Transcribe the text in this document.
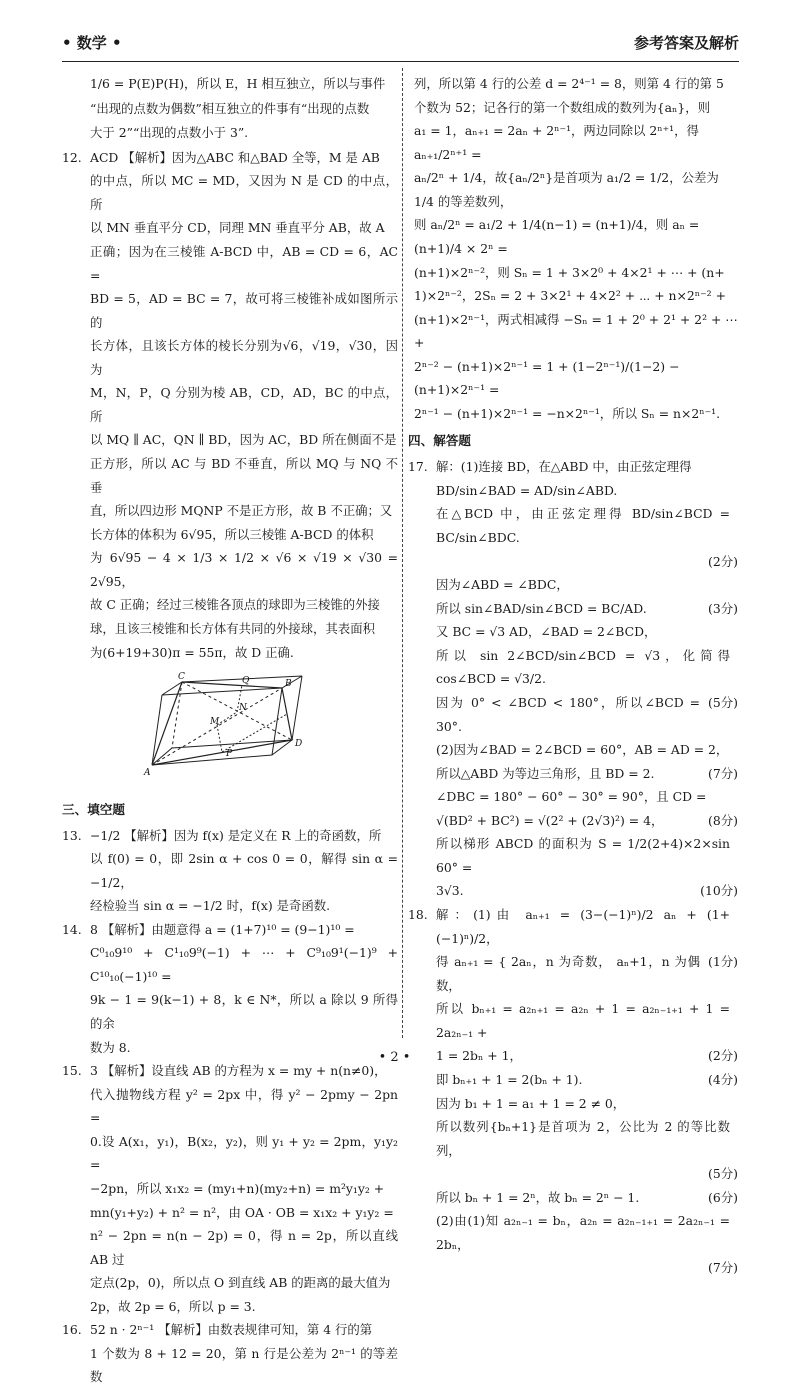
• 数学 •	参考答案及解析
1/6 = P(E)P(H)，所以 E，H 相互独立，所以与事件
“出现的点数为偶数”相互独立的件事有“出现的点数
大于 2”“出现的点数小于 3”.
12. ACD 【解析】因为△ABC 和△BAD 全等，M 是 AB
的中点，所以 MC = MD，又因为 N 是 CD 的中点，所
以 MN 垂直平分 CD，同理 MN 垂直平分 AB，故 A
正确；因为在三棱锥 A-BCD 中，AB = CD = 6，AC =
BD = 5，AD = BC = 7，故可将三棱锥补成如图所示的
长方体，且该长方体的棱长分别为√6，√19，√30，因为
M，N，P，Q 分别为棱 AB，CD，AD，BC 的中点，所
以 MQ ∥ AC，QN ∥ BD，因为 AC，BD 所在侧面不是
正方形，所以 AC 与 BD 不垂直，所以 MQ 与 NQ 不垂
直，所以四边形 MQNP 不是正方形，故 B 不正确；又
长方体的体积为 6√95，所以三棱锥 A-BCD 的体积
为 6√95 − 4 × 1/3 × 1/2 × √6 × √19 × √30 = 2√95，
故 C 正确；经过三棱锥各顶点的球即为三棱锥的外接
球，且该三棱锥和长方体有共同的外接球，其表面积
为(6+19+30)π = 55π，故 D 正确.
C	Q	B
N
M
P
D
A
三、填空题
13. −1/2 【解析】因为 f(x) 是定义在 R 上的奇函数，所
以 f(0) = 0，即 2sin α + cos 0 = 0，解得 sin α = −1/2，
经检验当 sin α = −1/2 时，f(x) 是奇函数.
14. 8 【解析】由题意得 a = (1+7)¹⁰ = (9−1)¹⁰ =
C⁰₁₀9¹⁰ + C¹₁₀9⁹(−1) + ⋯ + C⁹₁₀9¹(−1)⁹ + C¹⁰₁₀(−1)¹⁰ =
9k − 1 = 9(k−1) + 8，k ∈ N*，所以 a 除以 9 所得的余
数为 8.
15. 3 【解析】设直线 AB 的方程为 x = my + n(n≠0)，
代入抛物线方程 y² = 2px 中，得 y² − 2pmy − 2pn =
0.设 A(x₁，y₁)，B(x₂，y₂)，则 y₁ + y₂ = 2pm，y₁y₂ =
−2pn，所以 x₁x₂ = (my₁+n)(my₂+n) = m²y₁y₂ +
mn(y₁+y₂) + n² = n²，由 OA · OB = x₁x₂ + y₁y₂ =
n² − 2pn = n(n − 2p) = 0，得 n = 2p，所以直线 AB 过
定点(2p，0)，所以点 O 到直线 AB 的距离的最大值为
2p，故 2p = 6，所以 p = 3.
16. 52 n · 2ⁿ⁻¹ 【解析】由数表规律可知，第 4 行的第
1 个数为 8 + 12 = 20，第 n 行是公差为 2ⁿ⁻¹ 的等差数
列，所以第 4 行的公差 d = 2⁴⁻¹ = 8，则第 4 行的第 5
个数为 52；记各行的第一个数组成的数列为{aₙ}，则
a₁ = 1，aₙ₊₁ = 2aₙ + 2ⁿ⁻¹，两边同除以 2ⁿ⁺¹，得 aₙ₊₁/2ⁿ⁺¹ =
aₙ/2ⁿ + 1/4，故{aₙ/2ⁿ}是首项为 a₁/2 = 1/2，公差为 1/4 的等差数列，
则 aₙ/2ⁿ = a₁/2 + 1/4(n−1) = (n+1)/4，则 aₙ = (n+1)/4 × 2ⁿ =
(n+1)×2ⁿ⁻²，则 Sₙ = 1 + 3×2⁰ + 4×2¹ + ⋯ + (n+
1)×2ⁿ⁻²，2Sₙ = 2 + 3×2¹ + 4×2² + ⋯ + n×2ⁿ⁻² +
(n+1)×2ⁿ⁻¹，两式相减得 −Sₙ = 1 + 2⁰ + 2¹ + 2² + ⋯ +
2ⁿ⁻² − (n+1)×2ⁿ⁻¹ = 1 + (1−2ⁿ⁻¹)/(1−2) − (n+1)×2ⁿ⁻¹ =
2ⁿ⁻¹ − (n+1)×2ⁿ⁻¹ = −n×2ⁿ⁻¹，所以 Sₙ = n×2ⁿ⁻¹.
四、解答题
17. 解：(1)连接 BD，在△ABD 中，由正弦定理得
BD/sin∠BAD = AD/sin∠ABD.
在△BCD 中，由正弦定理得 BD/sin∠BCD = BC/sin∠BDC.
(2分)
因为∠ABD = ∠BDC，
所以 sin∠BAD/sin∠BCD = BC/AD.	(3分)
又 BC = √3 AD，∠BAD = 2∠BCD，
所以 sin 2∠BCD/sin∠BCD = √3，化简得 cos∠BCD = √3/2.
因为 0° < ∠BCD < 180°，所以∠BCD = 30°.
(5分)
(2)因为∠BAD = 2∠BCD = 60°，AB = AD = 2，
所以△ABD 为等边三角形，且 BD = 2.	(7分)
∠DBC = 180° − 60° − 30° = 90°，且 CD =
√(BD² + BC²) = √(2² + (2√3)²) = 4，	(8分)
所以梯形 ABCD 的面积为 S = 1/2(2+4)×2×sin 60° =
3√3.	(10分)
18. 解：(1)由 aₙ₊₁ = (3−(−1)ⁿ)/2 aₙ + (1+(−1)ⁿ)/2，
得 aₙ₊₁ = { 2aₙ，n 为奇数， aₙ+1，n 为偶数，
(1分)
所以 bₙ₊₁ = a₂ₙ₊₁ = a₂ₙ + 1 = a₂ₙ₋₁₊₁ + 1 = 2a₂ₙ₋₁ +
1 = 2bₙ + 1，	(2分)
即 bₙ₊₁ + 1 = 2(bₙ + 1).	(4分)
因为 b₁ + 1 = a₁ + 1 = 2 ≠ 0，
所以数列{bₙ+1}是首项为 2，公比为 2 的等比数列，
(5分)
所以 bₙ + 1 = 2ⁿ，故 bₙ = 2ⁿ − 1.	(6分)
(2)由(1)知 a₂ₙ₋₁ = bₙ，a₂ₙ = a₂ₙ₋₁₊₁ = 2a₂ₙ₋₁ = 2bₙ，
(7分)
• 2 •
